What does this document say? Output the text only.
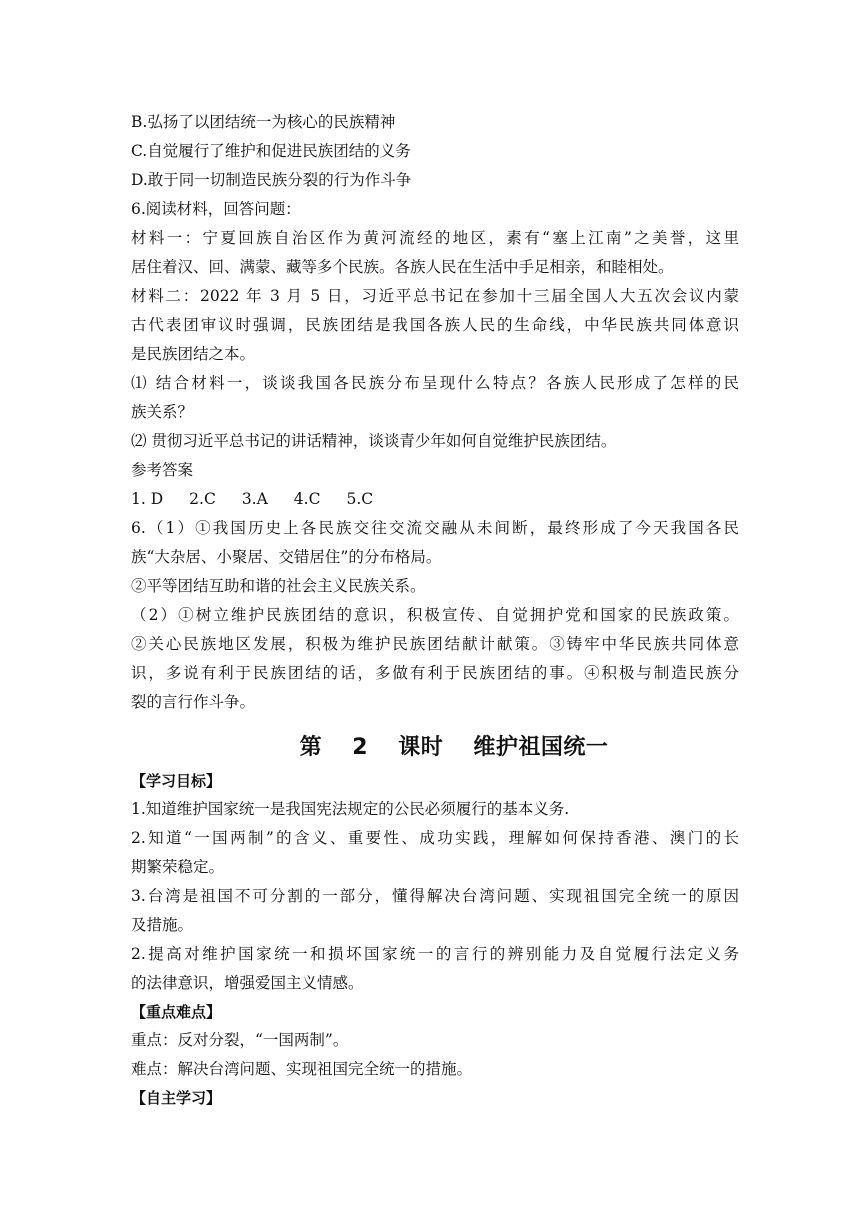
B.弘扬了以团结统一为核心的民族精神
C.自觉履行了维护和促进民族团结的义务
D.敢于同一切制造民族分裂的行为作斗争
6.阅读材料，回答问题：
材料一：宁夏回族自治区作为黄河流经的地区，素有“塞上江南”之美誉，这里
居住着汉、回、满蒙、藏等多个民族。各族人民在生活中手足相亲，和睦相处。
材料二：2022 年 3 月 5 日，习近平总书记在参加十三届全国人大五次会议内蒙
古代表团审议时强调，民族团结是我国各族人民的生命线，中华民族共同体意识
是民族团结之本。
⑴ 结合材料一，谈谈我国各民族分布呈现什么特点？各族人民形成了怎样的民
族关系？
⑵ 贯彻习近平总书记的讲话精神，谈谈青少年如何自觉维护民族团结。
参考答案
1. D 2.C 3.A 4.C 5.C
6.（1）①我国历史上各民族交往交流交融从未间断，最终形成了今天我国各民
族“大杂居、小聚居、交错居住”的分布格局。
②平等团结互助和谐的社会主义民族关系。
（2）①树立维护民族团结的意识，积极宣传、自觉拥护党和国家的民族政策。
②关心民族地区发展，积极为维护民族团结献计献策。③铸牢中华民族共同体意
识，多说有利于民族团结的话，多做有利于民族团结的事。④积极与制造民族分
裂的言行作斗争。
第 2 课时 维护祖国统一
【学习目标】
1.知道维护国家统一是我国宪法规定的公民必须履行的基本义务.
2.知道“一国两制”的含义、重要性、成功实践，理解如何保持香港、澳门的长
期繁荣稳定。
3.台湾是祖国不可分割的一部分，懂得解决台湾问题、实现祖国完全统一的原因
及措施。
2.提高对维护国家统一和损坏国家统一的言行的辨别能力及自觉履行法定义务
的法律意识，增强爱国主义情感。
【重点难点】
重点：反对分裂，“一国两制”。
难点：解决台湾问题、实现祖国完全统一的措施。
【自主学习】
